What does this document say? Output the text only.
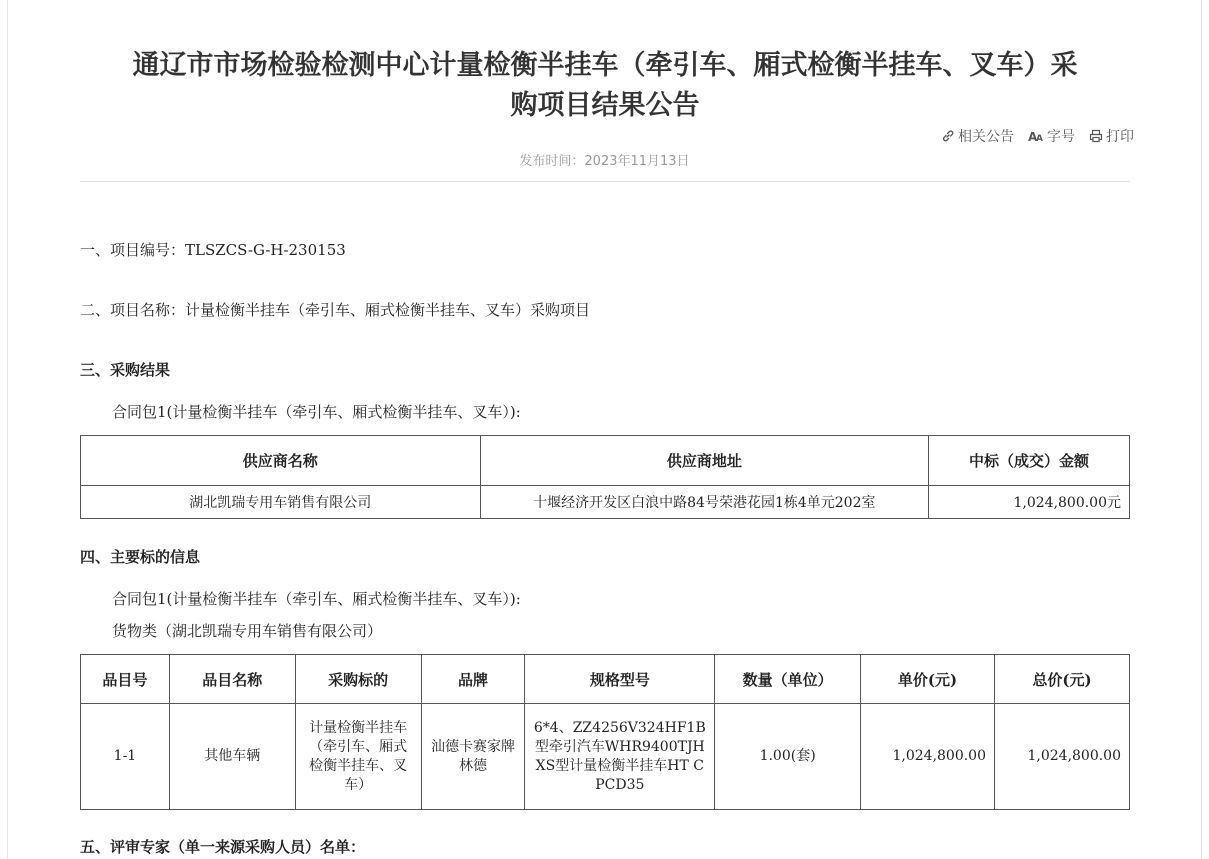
通辽市市场检验检测中心计量检衡半挂车（牵引车、厢式检衡半挂车、叉车）采购项目结果公告
相关公告 A
A 字号 打印
发布时间：2023年11月13日
一、项目编号：TLSZCS-G-H-230153
二、项目名称：计量检衡半挂车（牵引车、厢式检衡半挂车、叉车）采购项目
三、采购结果
合同包1(计量检衡半挂车（牵引车、厢式检衡半挂车、叉车）):
供应商名称	供应商地址	中标（成交）金额
湖北凯瑞专用车销售有限公司	十堰经济开发区白浪中路84号荣港花园1栋4单元202室	1,024,800.00元
四、主要标的信息
合同包1(计量检衡半挂车（牵引车、厢式检衡半挂车、叉车）):
货物类（湖北凯瑞专用车销售有限公司）
品目号	品目名称	采购标的	品牌	规格型号	数量（单位）	单价(元)	总价(元)
1-1	其他车辆	计量检衡半挂车（牵引车、厢式检衡半挂车、叉车）	汕德卡赛家牌林德	6*4、ZZ4256V324HF1B型牵引汽车WHR9400TJHXS型计量检衡半挂车HT CPCD35	1.00(套)	1,024,800.00	1,024,800.00
五、评审专家（单一来源采购人员）名单：
